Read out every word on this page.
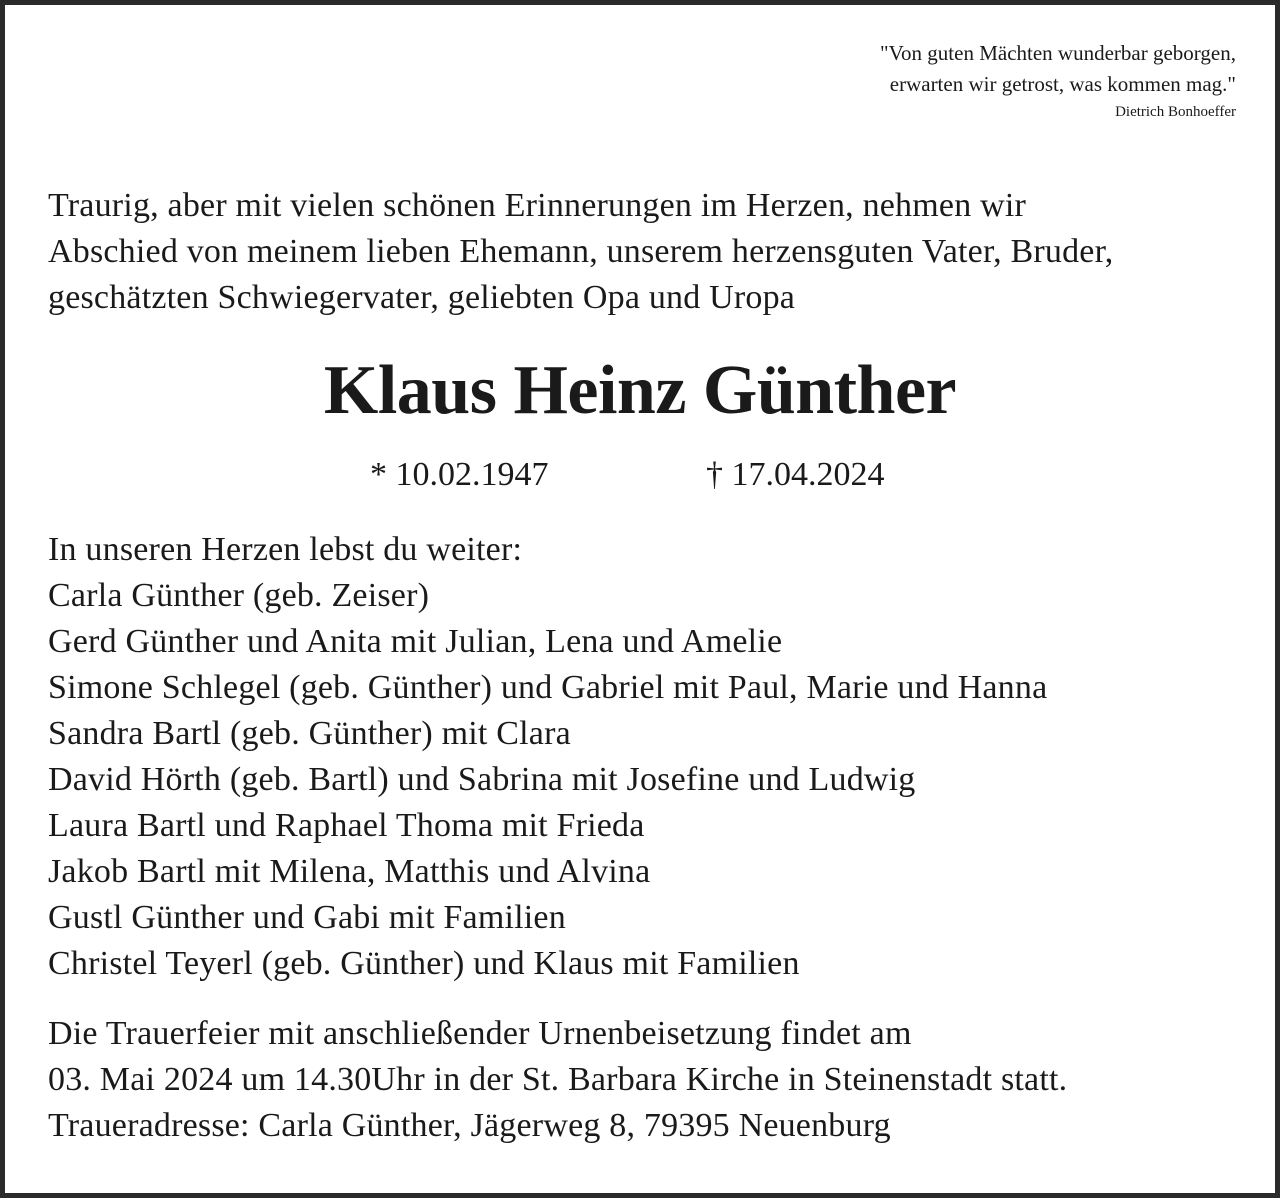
"Von guten Mächten wunderbar geborgen,
erwarten wir getrost, was kommen mag."
Dietrich Bonhoeffer
Traurig, aber mit vielen schönen Erinnerungen im Herzen, nehmen wir
Abschied von meinem lieben Ehemann, unserem herzensguten Vater, Bruder,
geschätzten Schwiegervater, geliebten Opa und Uropa
Klaus Heinz Günther
* 10.02.1947	† 17.04.2024
In unseren Herzen lebst du weiter:
Carla Günther (geb. Zeiser)
Gerd Günther und Anita mit Julian, Lena und Amelie
Simone Schlegel (geb. Günther) und Gabriel mit Paul, Marie und Hanna
Sandra Bartl (geb. Günther) mit Clara
David Hörth (geb. Bartl) und Sabrina mit Josefine und Ludwig
Laura Bartl und Raphael Thoma mit Frieda
Jakob Bartl mit Milena, Matthis und Alvina
Gustl Günther und Gabi mit Familien
Christel Teyerl (geb. Günther) und Klaus mit Familien
Die Trauerfeier mit anschließender Urnenbeisetzung findet am
03. Mai 2024 um 14.30Uhr in der St. Barbara Kirche in Steinenstadt statt.
Traueradresse: Carla Günther, Jägerweg 8, 79395 Neuenburg
